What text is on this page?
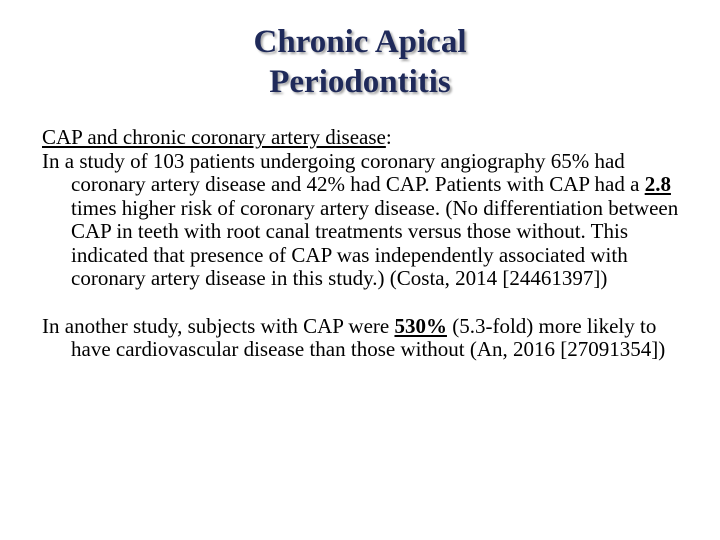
Chronic Apical
Periodontitis
CAP and chronic coronary artery disease:

In a study of 103 patients undergoing coronary angiography 65% had coronary artery disease and 42% had CAP. Patients with CAP had a 2.8 times higher risk of coronary artery disease. (No differentiation between CAP in teeth with root canal treatments versus those without. This indicated that presence of CAP was independently associated with coronary artery disease in this study.) (Costa, 2014 [24461397])

In another study, subjects with CAP were 530% (5.3-fold) more likely to have cardiovascular disease than those without (An, 2016 [27091354])
